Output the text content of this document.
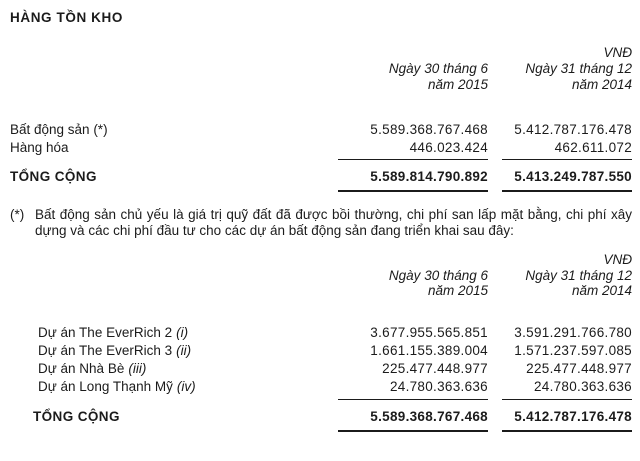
HÀNG TỒN KHO
VNĐ
Ngày 30 tháng 6
năm 2015
Ngày 31 tháng 12
năm 2014
Bất động sản (*)	5.589.368.767.468	5.412.787.176.478
Hàng hóa	446.023.424	462.611.072
TỔNG CỘNG	5.589.814.790.892	5.413.249.787.550
(*) Bất động sản chủ yếu là giá trị quỹ đất đã được bồi thường, chi phí san lấp mặt bằng, chi phí xây dựng và các chi phí đầu tư cho các dự án bất động sản đang triển khai sau đây:
VNĐ
Ngày 30 tháng 6
năm 2015
Ngày 31 tháng 12
năm 2014
Dự án The EverRich 2 (i)	3.677.955.565.851	3.591.291.766.780
Dự án The EverRich 3 (ii)	1.661.155.389.004	1.571.237.597.085
Dự án Nhà Bè (iii)	225.477.448.977	225.477.448.977
Dự án Long Thạnh Mỹ (iv)	24.780.363.636	24.780.363.636
TỔNG CỘNG	5.589.368.767.468	5.412.787.176.478
